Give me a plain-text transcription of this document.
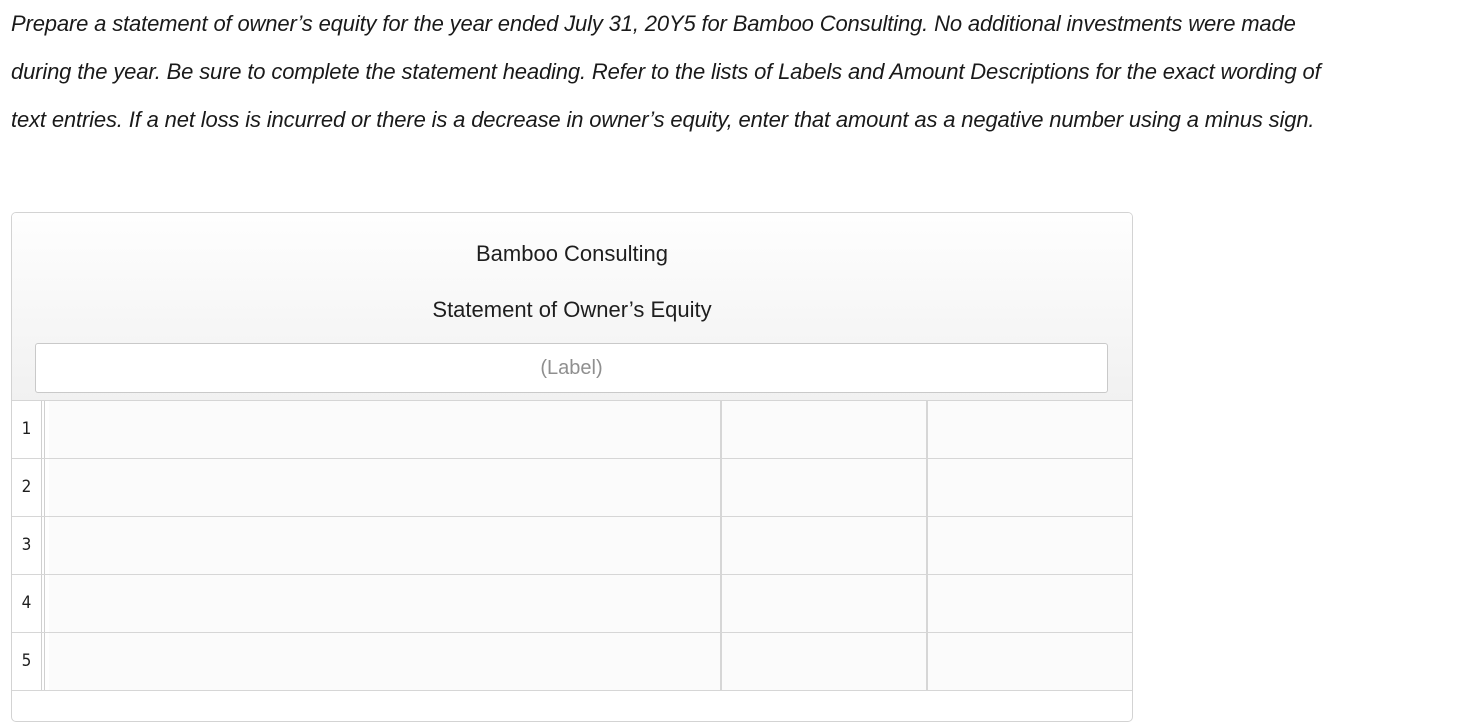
Prepare a statement of owner’s equity for the year ended July 31, 20Y5 for Bamboo Consulting. No additional investments were made
during the year. Be sure to complete the statement heading. Refer to the lists of Labels and Amount Descriptions for the exact wording of
text entries. If a net loss is incurred or there is a decrease in owner’s equity, enter that amount as a negative number using a minus sign.
Bamboo Consulting
Statement of Owner’s Equity
(Label)
1
2
3
4
5
